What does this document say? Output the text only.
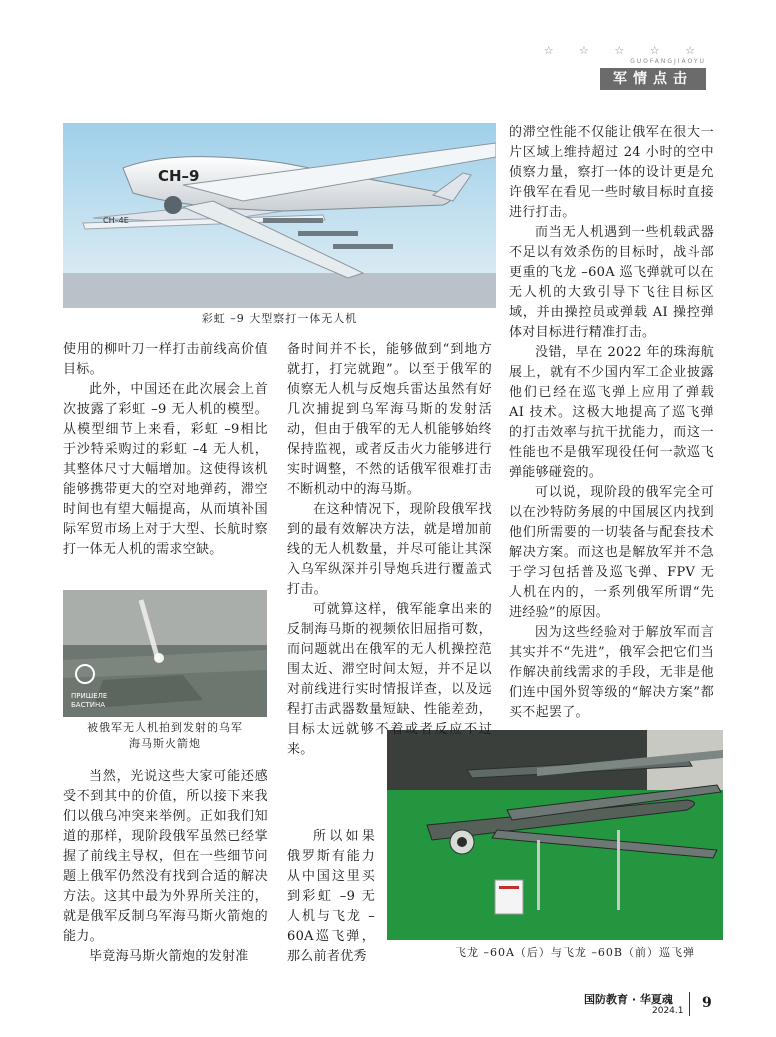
☆ ☆ ☆ ☆ ☆
GUOFANGJIAOYU
军情点击
CH–9
CH–4E
彩虹 –9 大型察打一体无人机
ПРИШЕЛЕ
БАСТИНА
被俄军无人机拍到发射的乌军
海马斯火箭炮
飞龙 –60A（后）与飞龙 –60B（前）巡飞弹

使用的柳叶刀一样打击前线高价值目标。

此外，中国还在此次展会上首次披露了彩虹 –9 无人机的模型。从模型细节上来看，彩虹 –9相比于沙特采购过的彩虹 –4 无人机，其整体尺寸大幅增加。这使得该机能够携带更大的空对地弹药，滞空时间也有望大幅提高，从而填补国际军贸市场上对于大型、长航时察打一体无人机的需求空缺。

当然，光说这些大家可能还感受不到其中的价值，所以接下来我们以俄乌冲突来举例。正如我们知道的那样，现阶段俄军虽然已经掌握了前线主导权，但在一些细节问题上俄军仍然没有找到合适的解决方法。这其中最为外界所关注的，就是俄军反制乌军海马斯火箭炮的能力。

毕竟海马斯火箭炮的发射准

备时间并不长，能够做到“到地方就打，打完就跑”。以至于俄军的侦察无人机与反炮兵雷达虽然有好几次捕捉到乌军海马斯的发射活动，但由于俄军的无人机能够始终保持监视，或者反击火力能够进行实时调整，不然的话俄军很难打击不断机动中的海马斯。

在这种情况下，现阶段俄军找到的最有效解决方法，就是增加前线的无人机数量，并尽可能让其深入乌军纵深并引导炮兵进行覆盖式打击。

可就算这样，俄军能拿出来的反制海马斯的视频依旧屈指可数，而问题就出在俄军的无人机操控范围太近、滞空时间太短，并不足以对前线进行实时情报详查，以及远程打击武器数量短缺、性能差劲，目标太远就够不着或者反应不过来。

所以如果俄罗斯有能力从中国这里买到彩虹 –9 无人机与飞龙 –60A巡飞弹，那么前者优秀

的滞空性能不仅能让俄军在很大一片区域上维持超过 24 小时的空中侦察力量，察打一体的设计更是允许俄军在看见一些时敏目标时直接进行打击。

而当无人机遇到一些机载武器不足以有效杀伤的目标时，战斗部更重的飞龙 –60A 巡飞弹就可以在无人机的大致引导下飞往目标区域，并由操控员或弹载 AI 操控弹体对目标进行精准打击。

没错，早在 2022 年的珠海航展上，就有不少国内军工企业披露他们已经在巡飞弹上应用了弹载 AI 技术。这极大地提高了巡飞弹的打击效率与抗干扰能力，而这一性能也不是俄军现役任何一款巡飞弹能够碰瓷的。

可以说，现阶段的俄军完全可以在沙特防务展的中国展区内找到他们所需要的一切装备与配套技术解决方案。而这也是解放军并不急于学习包括普及巡飞弹、FPV 无人机在内的，一系列俄军所谓“先进经验”的原因。

因为这些经验对于解放军而言其实并不“先进”，俄军会把它们当作解决前线需求的手段，无非是他们连中国外贸等级的“解决方案”都买不起罢了。

国防教育 · 华夏魂
2024.1 9
